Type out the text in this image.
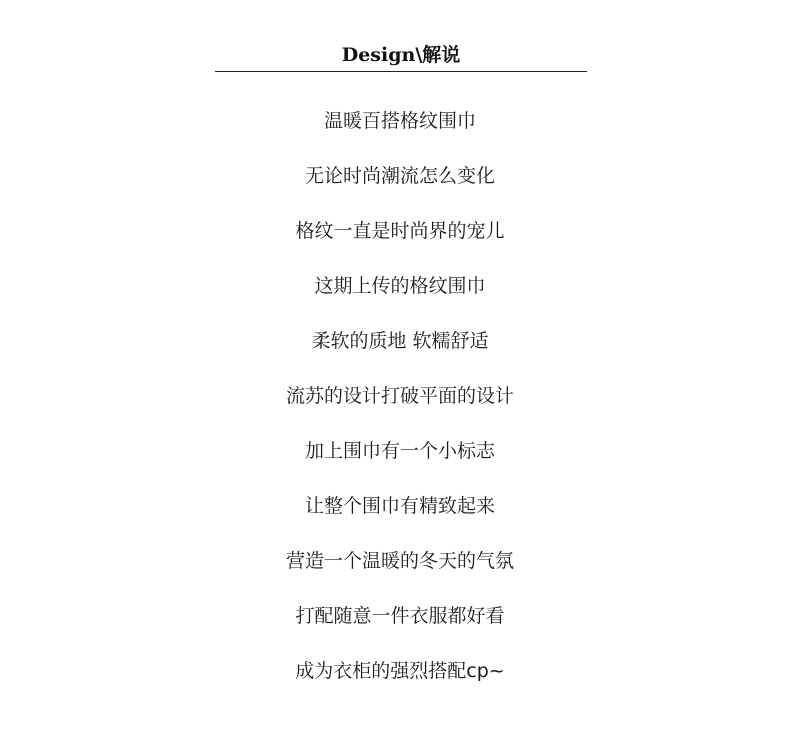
Design\解说
温暖百搭格纹围巾
无论时尚潮流怎么变化
格纹一直是时尚界的宠儿
这期上传的格纹围巾
柔软的质地 软糯舒适
流苏的设计打破平面的设计
加上围巾有一个小标志
让整个围巾有精致起来
营造一个温暖的冬天的气氛
打配随意一件衣服都好看
成为衣柜的强烈搭配cp~
